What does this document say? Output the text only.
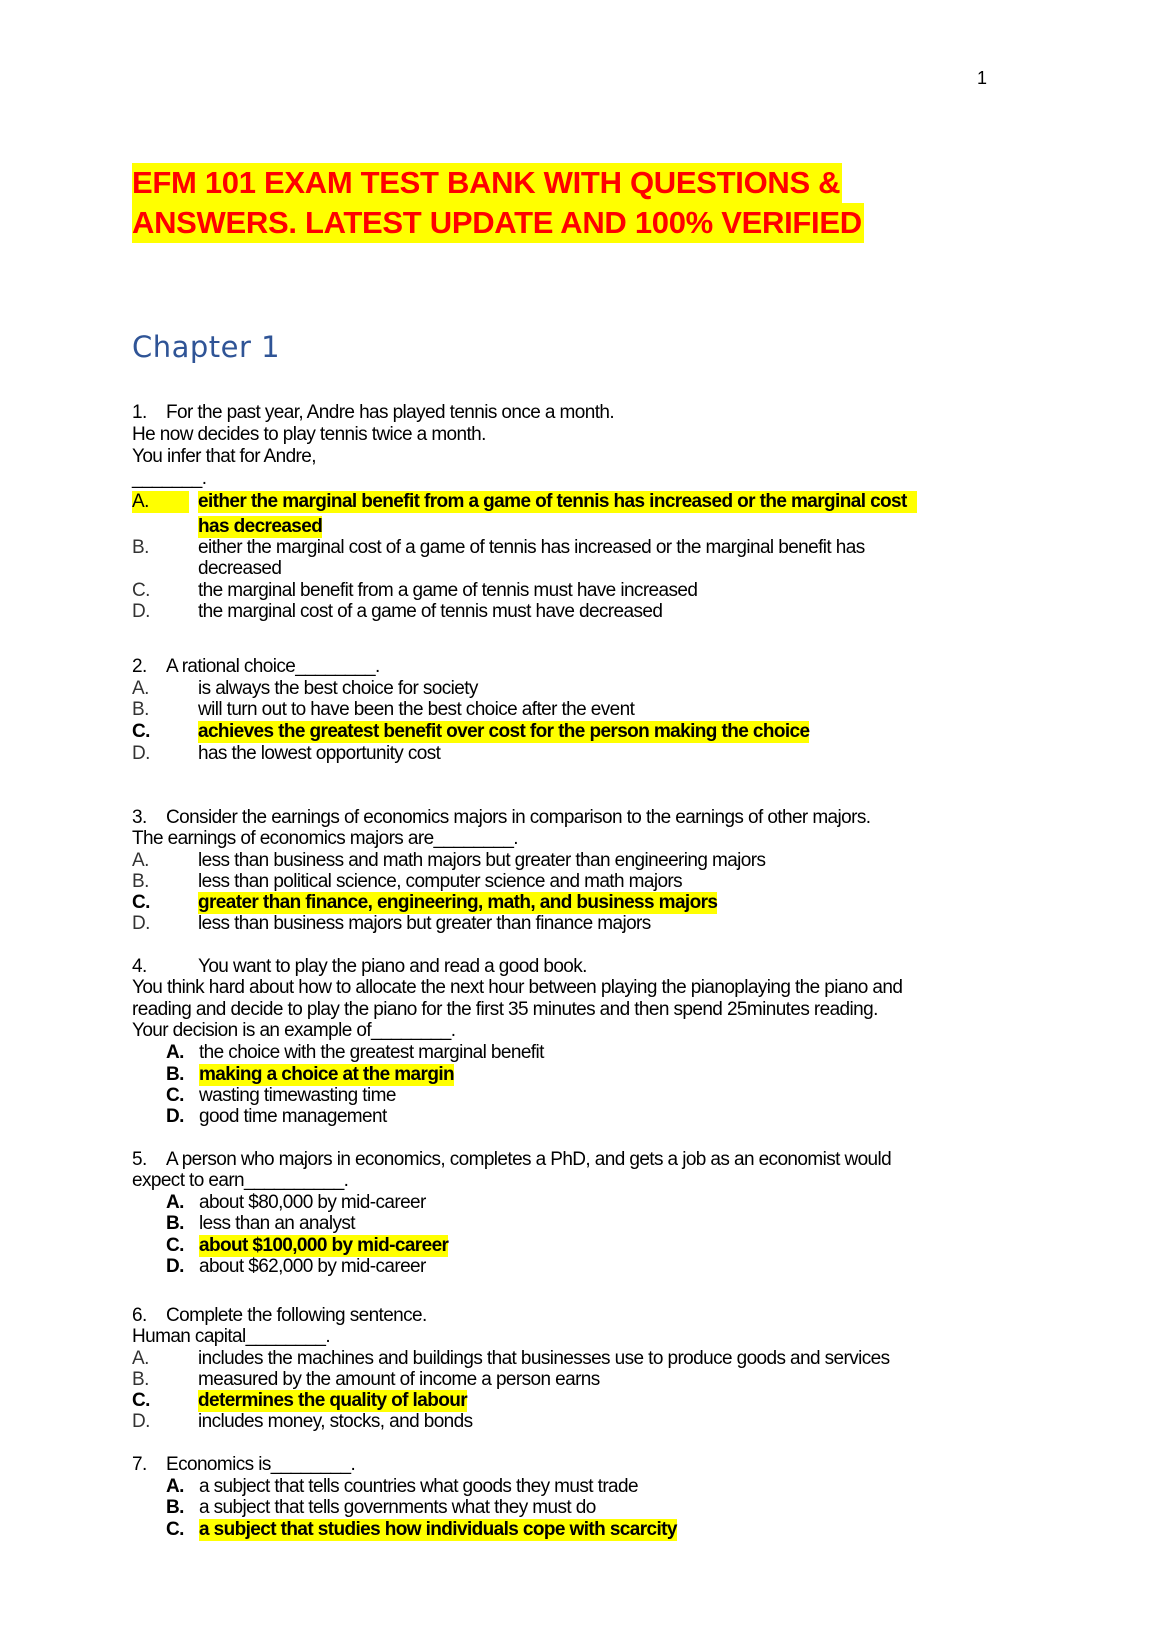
1
EFM 101 EXAM TEST BANK WITH QUESTIONS &
ANSWERS. LATEST UPDATE AND 100% VERIFIED
Chapter 1
1. For the past year, Andre has played tennis once a month.
He now decides to play tennis twice a month.
You infer that for Andre,
_______.
A.	either the marginal benefit from a game of tennis has increased or the marginal cost
has decreased
B.	either the marginal cost of a game of tennis has increased or the marginal benefit has
decreased
C.	the marginal benefit from a game of tennis must have increased
D.	the marginal cost of a game of tennis must have decreased
2. A rational choice________.
A.	is always the best choice for society
B.	will turn out to have been the best choice after the event
C.	achieves the greatest benefit over cost for the person making the choice
D.	has the lowest opportunity cost
3. Consider the earnings of economics majors in comparison to the earnings of other majors.
The earnings of economics majors are________.
A.	less than business and math majors but greater than engineering majors
B.	less than political science, computer science and math majors
C.	greater than finance, engineering, math, and business majors
D.	less than business majors but greater than finance majors
4.	You want to play the piano and read a good book.
You think hard about how to allocate the next hour between playing the pianoplaying the piano and
reading and decide to play the piano for the first 35 minutes and then spend 25minutes reading.
Your decision is an example of________.
A. the choice with the greatest marginal benefit
B. making a choice at the margin
C. wasting timewasting time
D. good time management
5. A person who majors in economics, completes a PhD, and gets a job as an economist would
expect to earn__________.
A. about $80,000 by mid-career
B. less than an analyst
C. about $100,000 by mid-career
D. about $62,000 by mid-career
6. Complete the following sentence.
Human capital________.
A.	includes the machines and buildings that businesses use to produce goods and services
B.	measured by the amount of income a person earns
C.	determines the quality of labour
D.	includes money, stocks, and bonds
7. Economics is________.
A. a subject that tells countries what goods they must trade
B. a subject that tells governments what they must do
C. a subject that studies how individuals cope with scarcity
